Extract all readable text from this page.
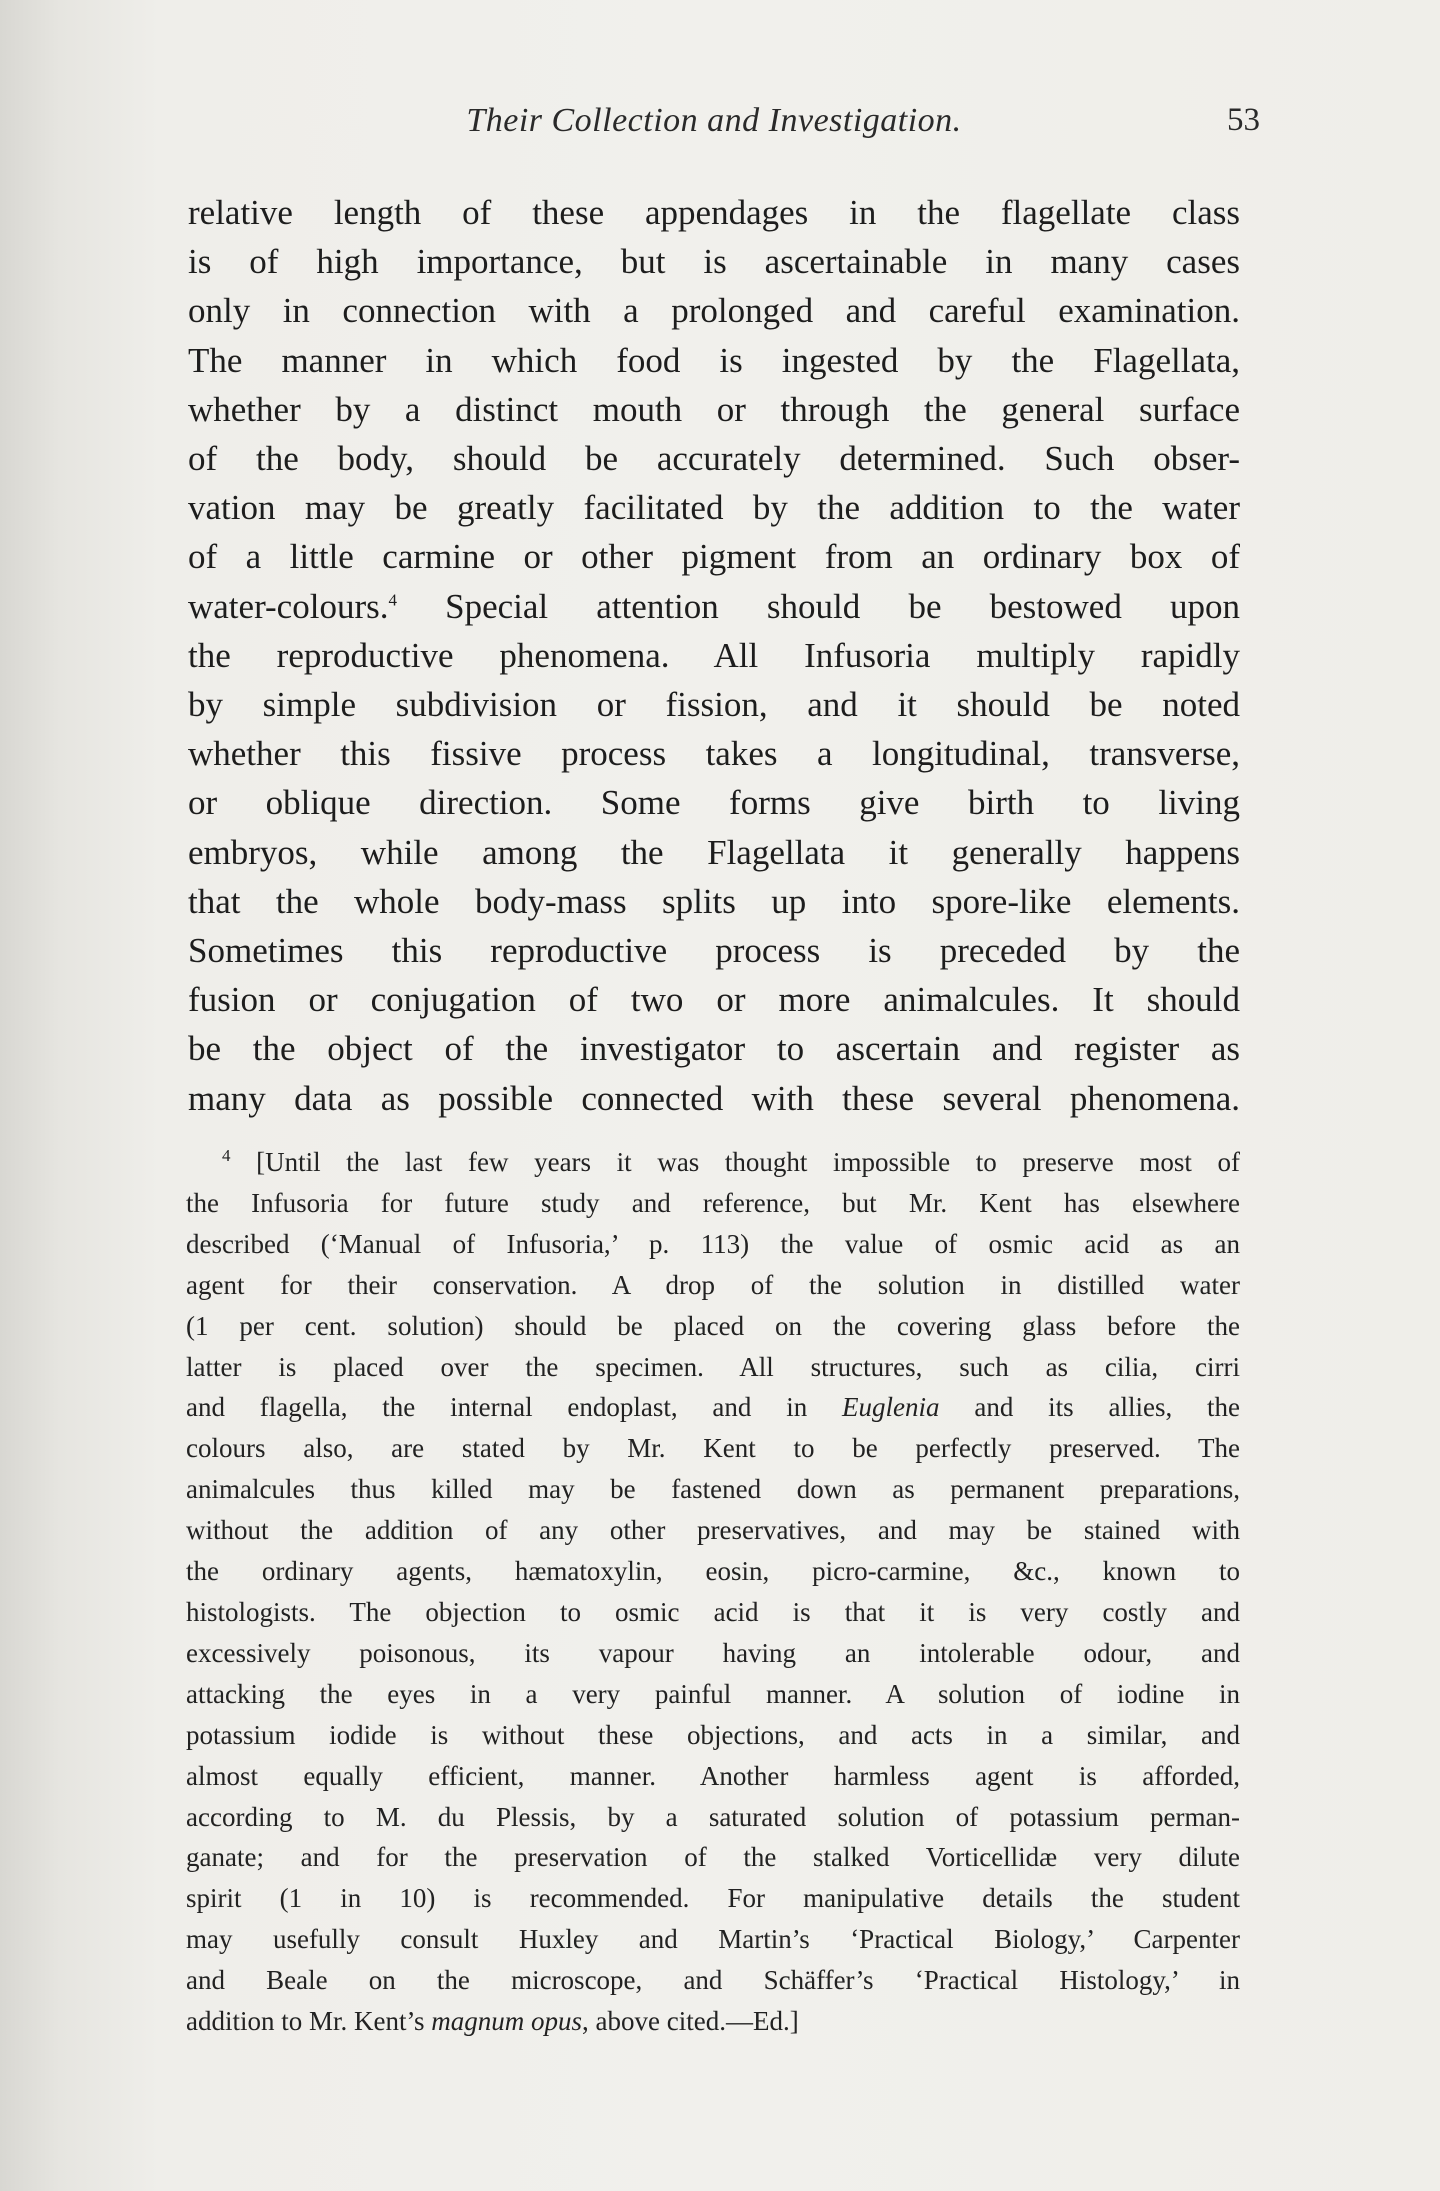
Their Collection and Investigation.	53
relative length of these appendages in the flagellate class
is of high importance, but is ascertainable in many cases
only in connection with a prolonged and careful examination.
The manner in which food is ingested by the Flagellata,
whether by a distinct mouth or through the general surface
of the body, should be accurately determined. Such obser-
vation may be greatly facilitated by the addition to the water
of a little carmine or other pigment from an ordinary box of
water-colours.$^4$ Special attention should be bestowed upon
the reproductive phenomena. All Infusoria multiply rapidly
by simple subdivision or fission, and it should be noted
whether this fissive process takes a longitudinal, transverse,
or oblique direction. Some forms give birth to living
embryos, while among the Flagellata it generally happens
that the whole body-mass splits up into spore-like elements.
Sometimes this reproductive process is preceded by the
fusion or conjugation of two or more animalcules. It should
be the object of the investigator to ascertain and register as
many data as possible connected with these several phenomena.
$^4$ [Until the last few years it was thought impossible to preserve most of
the Infusoria for future study and reference, but Mr. Kent has elsewhere
described (‘Manual of Infusoria,’ p. 113) the value of osmic acid as an
agent for their conservation. A drop of the solution in distilled water
(1 per cent. solution) should be placed on the covering glass before the
latter is placed over the specimen. All structures, such as cilia, cirri
and flagella, the internal endoplast, and in Euglenia and its allies, the
colours also, are stated by Mr. Kent to be perfectly preserved. The
animalcules thus killed may be fastened down as permanent preparations,
without the addition of any other preservatives, and may be stained with
the ordinary agents, hæmatoxylin, eosin, picro-carmine, &c., known to
histologists. The objection to osmic acid is that it is very costly and
excessively poisonous, its vapour having an intolerable odour, and
attacking the eyes in a very painful manner. A solution of iodine in
potassium iodide is without these objections, and acts in a similar, and
almost equally efficient, manner. Another harmless agent is afforded,
according to M. du Plessis, by a saturated solution of potassium perman-
ganate; and for the preservation of the stalked Vorticellidæ very dilute
spirit (1 in 10) is recommended. For manipulative details the student
may usefully consult Huxley and Martin’s ‘Practical Biology,’ Carpenter
and Beale on the microscope, and Schäffer’s ‘Practical Histology,’ in
addition to Mr. Kent’s magnum opus, above cited.—Ed.]
